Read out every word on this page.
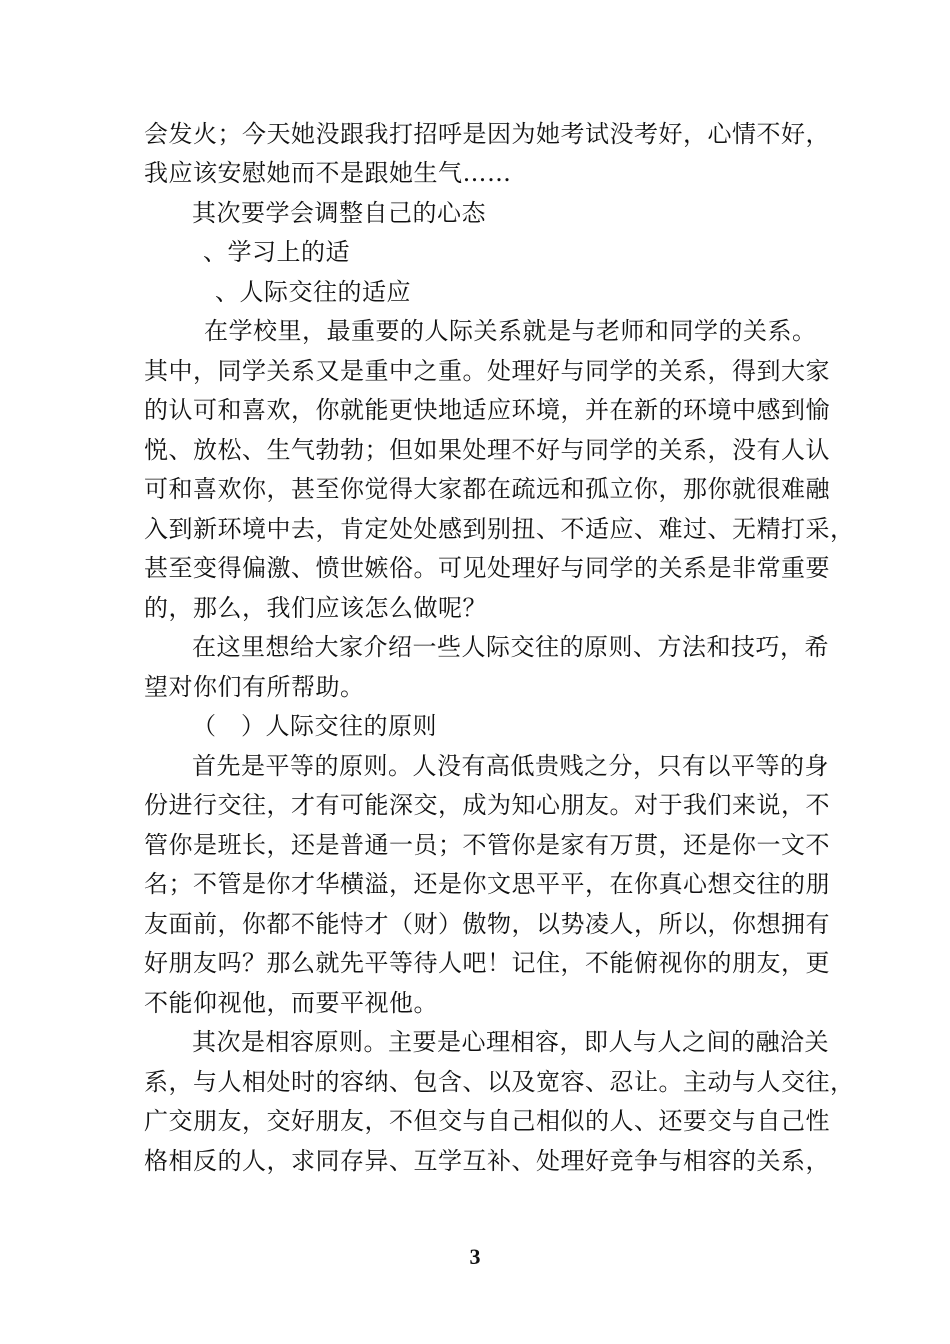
会发火；今天她没跟我打招呼是因为她考试没考好，心情不好，
我应该安慰她而不是跟她生气……
其次要学会调整自己的心态
、学习上的适
、人际交往的适应
在学校里，最重要的人际关系就是与老师和同学的关系。
其中，同学关系又是重中之重。处理好与同学的关系，得到大家
的认可和喜欢，你就能更快地适应环境，并在新的环境中感到愉
悦、放松、生气勃勃；但如果处理不好与同学的关系，没有人认
可和喜欢你，甚至你觉得大家都在疏远和孤立你，那你就很难融
入到新环境中去，肯定处处感到别扭、不适应、难过、无精打采，
甚至变得偏激、愤世嫉俗。可见处理好与同学的关系是非常重要
的，那么，我们应该怎么做呢？
在这里想给大家介绍一些人际交往的原则、方法和技巧，希
望对你们有所帮助。
（　）人际交往的原则
首先是平等的原则。人没有高低贵贱之分，只有以平等的身
份进行交往，才有可能深交，成为知心朋友。对于我们来说，不
管你是班长，还是普通一员；不管你是家有万贯，还是你一文不
名；不管是你才华横溢，还是你文思平平，在你真心想交往的朋
友面前，你都不能恃才（财）傲物，以势凌人，所以，你想拥有
好朋友吗？那么就先平等待人吧！记住，不能俯视你的朋友，更
不能仰视他，而要平视他。
其次是相容原则。主要是心理相容，即人与人之间的融洽关
系，与人相处时的容纳、包含、以及宽容、忍让。主动与人交往，
广交朋友，交好朋友，不但交与自己相似的人、还要交与自己性
格相反的人，求同存异、互学互补、处理好竞争与相容的关系，
3
